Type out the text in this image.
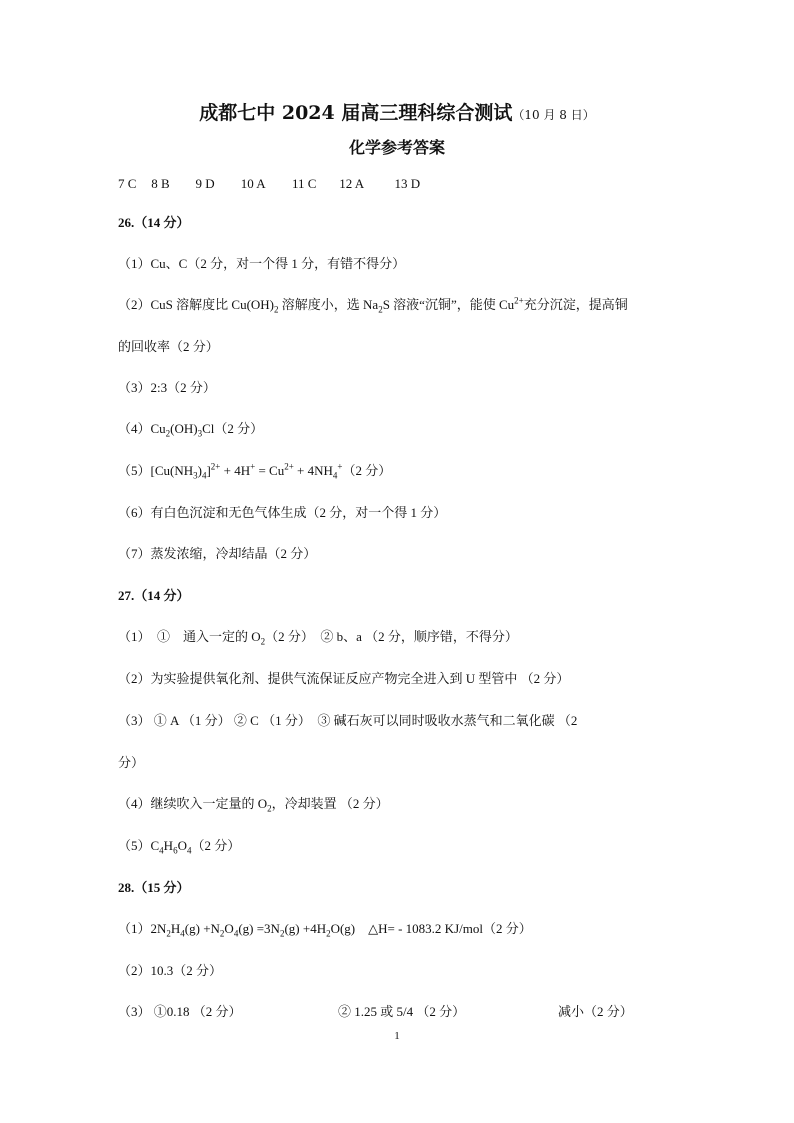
成都七中 2024 届高三理科综合测试（10 月 8 日）
化学参考答案
7 C 8 B 9 D 10 A 11 C 12 A 13 D
26.（14 分）
（1）Cu、C（2 分，对一个得 1 分，有错不得分）
（2）CuS 溶解度比 $Cu(OH)_2$ 溶解度小，选 $Na_2S$ 溶液“沉铜”，能使 $Cu^{2+}$充分沉淀，提高铜
的回收率（2 分）
（3）2:3（2 分）
$(4)Cu_2(OH)_3Cl(2$ 分）
$(5)[Cu(NH_3)_4]^{2+} + 4H^+ = Cu^{2+} + 4NH_4^+(2$ 分）
（6）有白色沉淀和无色气体生成（2 分，对一个得 1 分）
（7）蒸发浓缩，冷却结晶（2 分）
27.（14 分）
（1）　①　通入一定的 $O_2(2$ 分）　② b、a （2 分，顺序错，不得分）
（2）为实验提供氧化剂、提供气流保证反应产物完全进入到 U 型管中 （2 分）
（3） ① A （1 分） ② C （1 分）　③ 碱石灰可以同时吸收水蒸气和二氧化碳 （2
分）
（4）继续吹入一定量的 $O_2$，冷却装置 （2 分）
$(5)C_4H_6O_4(2$ 分）
28.（15 分）
$(1)2N_2H_4(g) +N_2O_4(g) =3N_2(g) +4H_2O(g)$　△H= - 1083.2 KJ/mol（2 分）
（2）10.3（2 分）
（3） ①0.18 （2 分）	② 1.25 或 5/4 （2 分）	减小（2 分）
1
